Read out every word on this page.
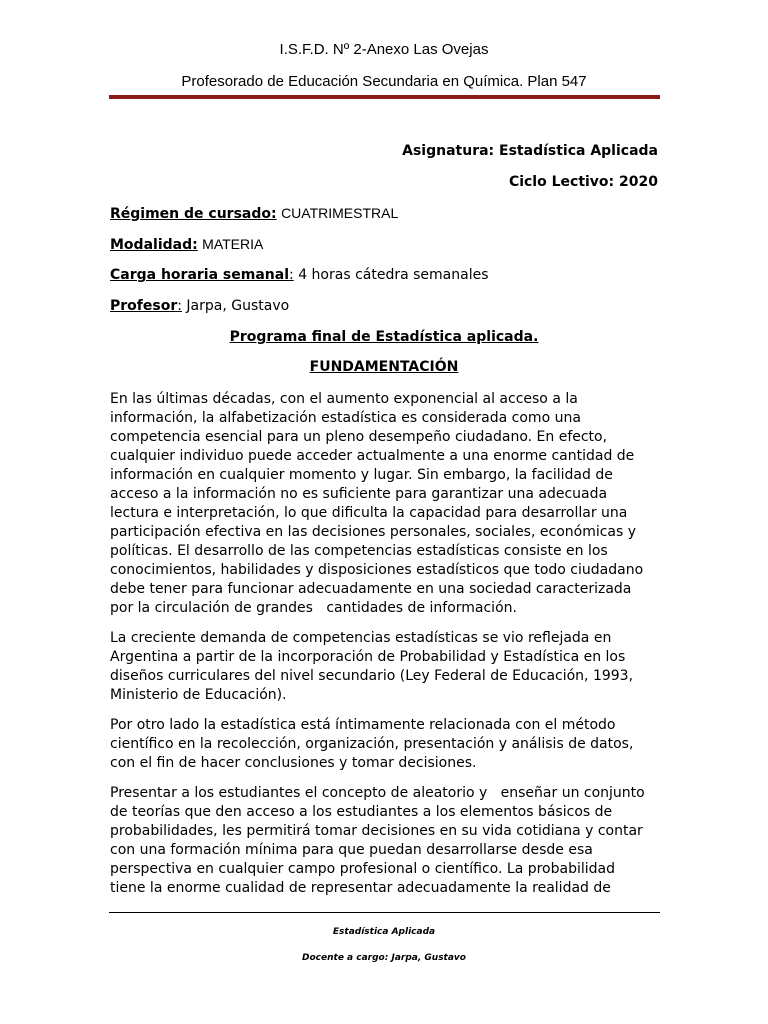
I.S.F.D. Nº 2-Anexo Las Ovejas
Profesorado de Educación Secundaria en Química. Plan 547
Asignatura: Estadística Aplicada
Ciclo Lectivo: 2020
Régimen de cursado: CUATRIMESTRAL
Modalidad: MATERIA
Carga horaria semanal: 4 horas cátedra semanales
Profesor: Jarpa, Gustavo
Programa final de Estadística aplicada.
FUNDAMENTACIÓN

En las últimas décadas, con el aumento exponencial al acceso a la
información, la alfabetización estadística es considerada como una
competencia esencial para un pleno desempeño ciudadano. En efecto,
cualquier individuo puede acceder actualmente a una enorme cantidad de
información en cualquier momento y lugar. Sin embargo, la facilidad de
acceso a la información no es suficiente para garantizar una adecuada
lectura e interpretación, lo que dificulta la capacidad para desarrollar una
participación efectiva en las decisiones personales, sociales, económicas y
políticas. El desarrollo de las competencias estadísticas consiste en los
conocimientos, habilidades y disposiciones estadísticos que todo ciudadano
debe tener para funcionar adecuadamente en una sociedad caracterizada
por la circulación de grandes   cantidades de información.

La creciente demanda de competencias estadísticas se vio reflejada en
Argentina a partir de la incorporación de Probabilidad y Estadística en los
diseños curriculares del nivel secundario (Ley Federal de Educación, 1993,
Ministerio de Educación).

Por otro lado la estadística está íntimamente relacionada con el método
científico en la recolección, organización, presentación y análisis de datos,
con el fin de hacer conclusiones y tomar decisiones.

Presentar a los estudiantes el concepto de aleatorio y   enseñar un conjunto
de teorías que den acceso a los estudiantes a los elementos básicos de
probabilidades, les permitirá tomar decisiones en su vida cotidiana y contar
con una formación mínima para que puedan desarrollarse desde esa
perspectiva en cualquier campo profesional o científico. La probabilidad
tiene la enorme cualidad de representar adecuadamente la realidad de

Estadística Aplicada
Docente a cargo: Jarpa, Gustavo
